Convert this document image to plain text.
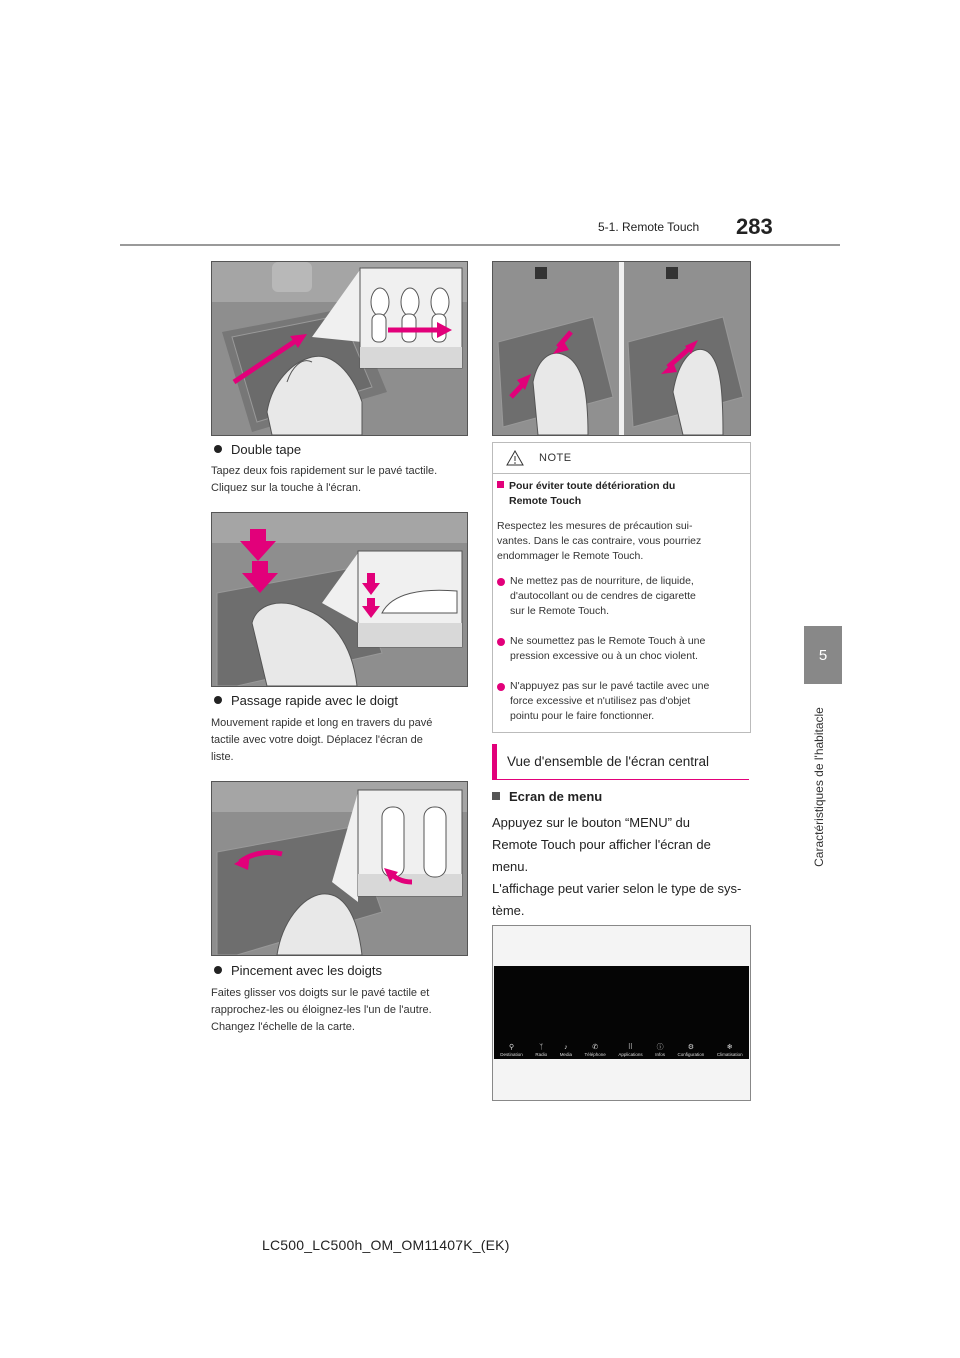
5-1. Remote Touch 283
5
Caractéristiques de l'habitacle
Double tape
Tapez deux fois rapidement sur le pavé tactile.
Cliquez sur la touche à l'écran.
Passage rapide avec le doigt
Mouvement rapide et long en travers du pavé
tactile avec votre doigt. Déplacez l'écran de
liste.
Pincement avec les doigts
Faites glisser vos doigts sur le pavé tactile et
rapprochez-les ou éloignez-les l'un de l'autre.
Changez l'échelle de la carte.
NOTE
Pour éviter toute détérioration du
Remote Touch
Respectez les mesures de précaution sui-
vantes. Dans le cas contraire, vous pourriez
endommager le Remote Touch.
Ne mettez pas de nourriture, de liquide,
d'autocollant ou de cendres de cigarette
sur le Remote Touch.
Ne soumettez pas le Remote Touch à une
pression excessive ou à un choc violent.
N'appuyez pas sur le pavé tactile avec une
force excessive et n'utilisez pas d'objet
pointu pour le faire fonctionner.
Vue d'ensemble de l'écran central
Ecran de menu
Appuyez sur le bouton “MENU” du
Remote Touch pour afficher l'écran de
menu.
L'affichage peut varier selon le type de sys-
tème.
⚲
Destination
ᛉ
Radio
♪
Media
✆
Téléphone
⠿
Applications
ⓘ
Infos
⚙
Configuration
❄
Climatisation
LC500_LC500h_OM_OM11407K_(EK)
